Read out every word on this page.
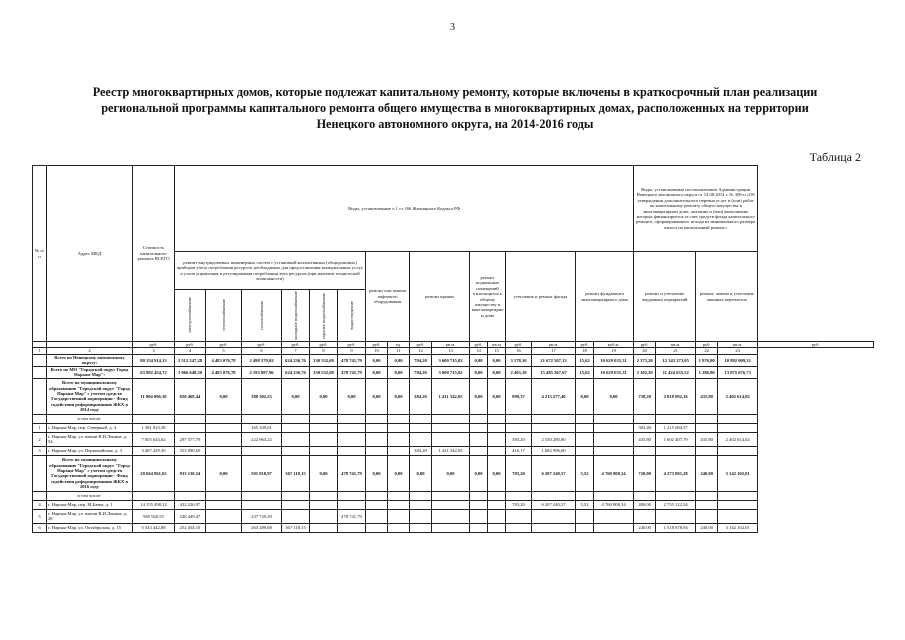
3
Реестр многоквартирных домов, которые подлежат капитальному ремонту, которые включены в краткосрочный план реализации
региональной программы капитального ремонта общего имущества в многоквартирных домах, расположенных на территории
Ненецкого автономного округа, на 2014-2016 годы
Таблица 2
№ п/п	Адрес МКД	Стоимость капитального ремонта ВСЕГО	Виды, установленные ч 1 ст 166 Жилищного Кодекса РФ																Виды, установленные постановлением Администрации Ненецкого автономного округа от 14.08.2014 г. № 306-п «Об утверждении дополнительного перечня услуг и (или) работ по капитальному ремонту общего имущества в многоквартирном доме, оказание и (или) выполнение которых финансируется за счет средств фонда капитального ремонта, сформированного исходя из минимального размера взноса на капитальный ремонт»				
			ремонт внутридомовых инженерных систем с установкой коллективных (общедомовых) приборов учета потребления ресурсов, необходимых для предоставления коммунальных услуг, и узлов управления и регулирования потребления этих ресурсов (при наличии технической возможности)						ремонт или замена лифтового оборудования		ремонт крыши		ремонт подвальных помещений относящихся к общему имуществу в многоквартирном доме		утепление и ремонт фасада		ремонт фундамента многоквартирного дома		ремонт и утепление чердачных перекрытий		ремонт, замена и утепление оконных переплетов		

			электроснабжение	теплоснабжение	газоснабжение	холодное водоснабжение	горячее водоснабжение	водоотведение															

		руб.	руб.	руб.	руб.	руб.	руб.	руб.	руб.	ед.	руб.	кв.м.	руб.	кв.м	руб.	кв.м.	руб.	куб.м.	руб.	кв.м.	руб.	кв.м.	руб.
1	2	3	4	5	6	7	8	9	10	11	12	13	14	15	16	17	18	19	20	21	22	23	
	Всего по Ненецкому автономному округу:	80 154 914,13	2 512 247,28	4 483 076,78	2 498 379,02	624 236,76	330 532,68	478 741,79	0,00	0,00	794,20	3 600 715,02	0,00	0,00	3 178,10	21 672 567,13	15,62	10 629 035,31	2 373,20	12 343 373,05	1 976,80	10 892 009,31	
	Всего по МО "Городской округ Город Нарьян-Мар":	63 982 454,72	1 966 648,50	4 483 076,78	2 193 887,96	624 236,76	330 532,68	478 741,79	0,00	0,00	794,20	3 600 715,02	0,00	0,00	2 403,10	15 485 267,67	15,62	10 629 035,31	2 102,20	11 424 635,52	1 286,80	13 075 676,73	
	Всего по муниципальному образованию "Городской округ "Город Нарьян-Мар" с учетом средств Государственной корпорации - Фонд содействия реформированию ЖКХ в 2014 году	11 904 096,30	650 468,44	0,00	388 302,23	0,00	0,00	0,00	0,00	0,00	384,20	1 431 342,05	0,00	0,00	999,37	4 213 277,40	0,00	0,00	738,20	2 818 092,16	435,80	2 402 614,02	
	в том числе:																						
1	г. Нарьян-Мар, пер. Северный, д. 4	1 381 023,38			165 339,01														302,40	1 215 684,37			
2	г. Нарьян-Мар, ул. имени В.И.Ленина, д. 54	7 055 643,62	297 377,79		222 963,22										583,20	2 530 280,80			435,80	1 602 407,79	435,80	2 402 614,02	
3	г. Нарьян-Мар, ул. Первомайская, д. 3	3 467 429,30	353 090,65								384,20	1 431 342,05			416,17	1 682 996,60							
	Всего по муниципальному образованию "Городской округ "Город Нарьян-Мар" с учетом средств Государственной корпорации - Фонд содействия реформированию ЖКХ в 2016 году	20 664 861,65	933 130,54	0,00	501 018,97	367 118,15	0,00	478 741,79	0,00	0,00	0,00	0,00	0,00	0,00	783,20	6 207 240,57	5,52	4 760 908,34	720,00	4 273 801,28	240,00	3 142 102,01	
	в том числе:																						
4	г. Нарьян-Мар, пер. М.Баева, д. 1	14 155 498,22	432 226,97												783,20	6 207 240,57	5,52	4 760 908,34	480,00	2 755 122,34			
5	г. Нарьян-Мар, ул. имени В.И.Ленина, д. 28	965 920,55	248 449,47		237 729,29			478 741,79															
6	г. Нарьян-Мар, ул. Октябрьская, д. 15	5 543 442,88	252 454,10		263 289,68	367 118,15													240,00	1 518 678,94	240,00	3 142 102,01	
